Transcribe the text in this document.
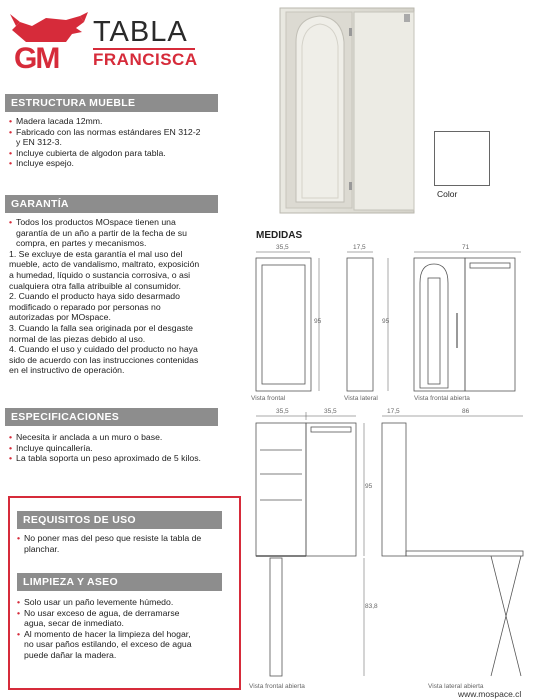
GM
TABLA
FRANCISCA
ESTRUCTURA MUEBLE
• Madera lacada 12mm.
• Fabricado con las normas estándares EN 312-2
y EN 312-3.
• Incluye cubierta de algodon para tabla.
• Incluye espejo.
GARANTÍA
• Todos los productos MOspace tienen una
garantía de un año a partir de la fecha de su
compra, en partes y mecanismos.
1. Se excluye de esta garantía el mal uso del
mueble, acto de vandalismo, maltrato, exposición
a humedad, líquido o sustancia corrosiva, o asi
cualquiera otra falla atribuible al consumidor.
2. Cuando el producto haya sido desarmado
modificado o reparado por personas no
autorizadas por MOspace.
3. Cuando la falla sea originada por el desgaste
normal de las piezas debido al uso.
4. Cuando el uso y cuidado del producto no haya
sido de acuerdo con las instrucciones contenidas
en el instructivo de operación.
ESPECIFICACIONES
• Necesita ir anclada a un muro o base.
• Incluye quincallería.
• La tabla soporta un peso aproximado de 5 kilos.
REQUISITOS DE USO
• No poner mas del peso que resiste la tabla de
planchar.
LIMPIEZA Y ASEO
• Solo usar un paño levemente húmedo.
• No usar exceso de agua, de derramarse
agua, secar de inmediato.
• Al momento de hacer la limpieza del hogar,
no usar paños estilando, el exceso de agua
puede dañar la madera.
Color
MEDIDAS
35,5	17,5	71
95	95
Vista frontal	Vista lateral	Vista frontal abierta
35,5	35,5	17,5	86
95
83,8
Vista frontal abierta	Vista lateral abierta
www.mospace.cl
